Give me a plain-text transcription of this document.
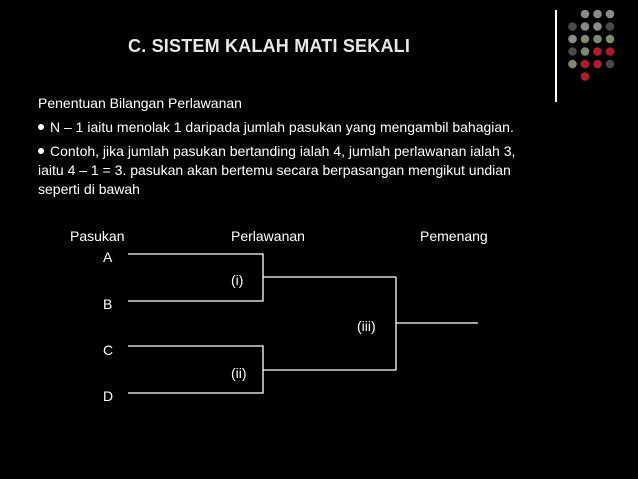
C. SISTEM KALAH MATI SEKALI
Penentuan Bilangan Perlawanan
N – 1 iaitu menolak 1 daripada jumlah pasukan yang mengambil bahagian.
Contoh, jika jumlah pasukan bertanding ialah 4, jumlah perlawanan ialah 3,
iaitu 4 – 1 = 3. pasukan akan bertemu secara berpasangan mengikut undian
seperti di bawah
Pasukan	Perlawanan	Pemenang
A
B
C
D
(i)
(ii)
(iii)
